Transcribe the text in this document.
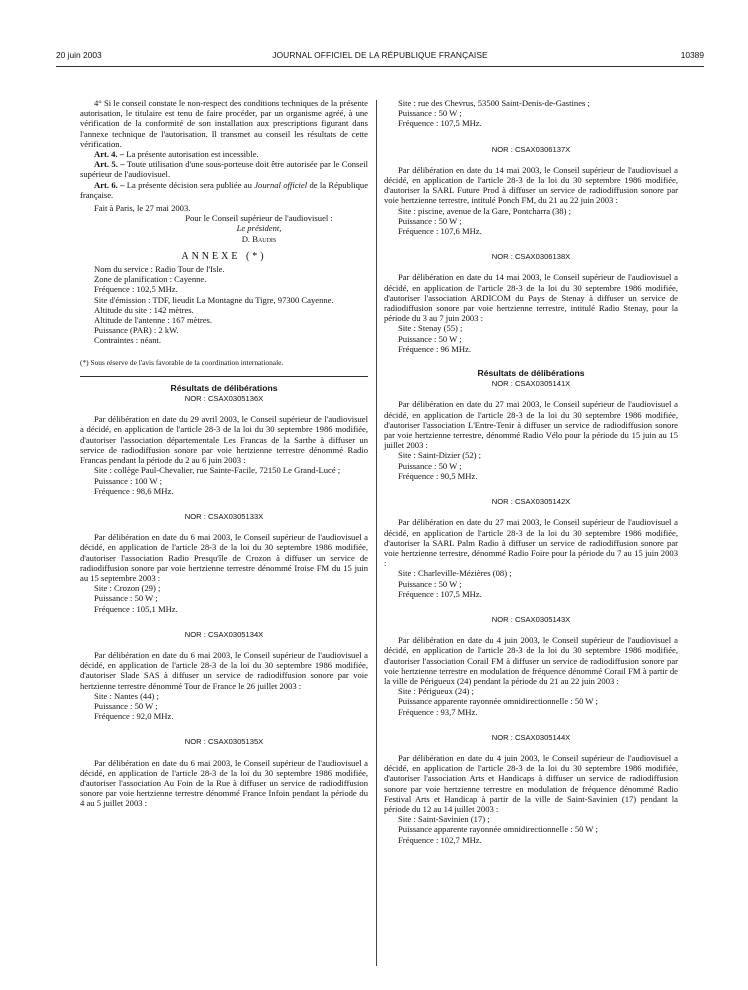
20 juin 2003	JOURNAL OFFICIEL DE LA RÉPUBLIQUE FRANÇAISE	10389

4° Si le conseil constate le non-respect des conditions techniques de la présente autorisation, le titulaire est tenu de faire procéder, par un organisme agréé, à une vérification de la conformité de son installation aux prescriptions figurant dans l'annexe technique de l'autorisation. Il transmet au conseil les résultats de cette vérification.

Art. 4. – La présente autorisation est incessible.

Art. 5. – Toute utilisation d'une sous-porteuse doit être autorisée par le Conseil supérieur de l'audiovisuel.

Art. 6. – La présente décision sera publiée au Journal officiel de la République française.

Fait à Paris, le 27 mai 2003.

Pour le Conseil supérieur de l'audiovisuel :

Le président,

D. Baudis

ANNEXE (*)

Nom du service : Radio Tour de l'Isle.

Zone de planification : Cayenne.

Fréquence : 102,5 MHz.

Site d'émission : TDF, lieudit La Montagne du Tigre, 97300 Cayenne.

Altitude du site : 142 mètres.

Altitude de l'antenne : 167 mètres.

Puissance (PAR) : 2 kW.

Contraintes : néant.

(*) Sous réserve de l'avis favorable de la coordination internationale.

Résultats de délibérations
NOR : CSAX0305136X

Par délibération en date du 29 avril 2003, le Conseil supérieur de l'audiovisuel a décidé, en application de l'article 28-3 de la loi du 30 septembre 1986 modifiée, d'autoriser l'association départementale Les Francas de la Sarthe à diffuser un service de radiodiffusion sonore par voie hertzienne terrestre dénommé Radio Francas pendant la période du 2 au 6 juin 2003 :

Site : collège Paul-Chevalier, rue Sainte-Facile, 72150 Le Grand-Lucé ;

Puissance : 100 W ;

Fréquence : 98,6 MHz.

NOR : CSAX0305133X

Par délibération en date du 6 mai 2003, le Conseil supérieur de l'audiovisuel a décidé, en application de l'article 28-3 de la loi du 30 septembre 1986 modifiée, d'autoriser l'association Radio Presqu'île de Crozon à diffuser un service de radiodiffusion sonore par voie hertzienne terrestre dénommé Iroise FM du 15 juin au 15 septembre 2003 :

Site : Crozon (29) ;

Puissance : 50 W ;

Fréquence : 105,1 MHz.

NOR : CSAX0305134X

Par délibération en date du 6 mai 2003, le Conseil supérieur de l'audiovisuel a décidé, en application de l'article 28-3 de la loi du 30 septembre 1986 modifiée, d'autoriser Slade SAS à diffuser un service de radiodiffusion sonore par voie hertzienne terrestre dénommé Tour de France le 26 juillet 2003 :

Site : Nantes (44) ;

Puissance : 50 W ;

Fréquence : 92,0 MHz.

NOR : CSAX0305135X

Par délibération en date du 6 mai 2003, le Conseil supérieur de l'audiovisuel a décidé, en application de l'article 28-3 de la loi du 30 septembre 1986 modifiée, d'autoriser l'association Au Foin de la Rue à diffuser un service de radiodiffusion sonore par voie hertzienne terrestre dénommé France Infoin pendant la période du 4 au 5 juillet 2003 :

Site : rue des Chevrus, 53500 Saint-Denis-de-Gastines ;

Puissance : 50 W ;

Fréquence : 107,5 MHz.

NOR : CSAX0306137X

Par délibération en date du 14 mai 2003, le Conseil supérieur de l'audiovisuel a décidé, en application de l'article 28-3 de la loi du 30 septembre 1986 modifiée, d'autoriser la SARL Future Prod à diffuser un service de radiodiffusion sonore par voie hertzienne terrestre, intitulé Ponch FM, du 21 au 22 juin 2003 :

Site : piscine, avenue de la Gare, Pontcharra (38) ;

Puissance : 50 W ;

Fréquence : 107,6 MHz.

NOR : CSAX0306138X

Par délibération en date du 14 mai 2003, le Conseil supérieur de l'audiovisuel a décidé, en application de l'article 28-3 de la loi du 30 septembre 1986 modifiée, d'autoriser l'association ARDICOM du Pays de Stenay à diffuser un service de radiodiffusion sonore par voie hertzienne terrestre, intitulé Radio Stenay, pour la période du 3 au 7 juin 2003 :

Site : Stenay (55) ;

Puissance : 50 W ;

Fréquence : 96 MHz.

Résultats de délibérations
NOR : CSAX0305141X

Par délibération en date du 27 mai 2003, le Conseil supérieur de l'audiovisuel a décidé, en application de l'article 28-3 de la loi du 30 septembre 1986 modifiée, d'autoriser l'association L'Entre-Tenir à diffuser un service de radiodiffusion sonore par voie hertzienne terrestre, dénommé Radio Vélo pour la période du 15 juin au 15 juillet 2003 :

Site : Saint-Dizier (52) ;

Puissance : 50 W ;

Fréquence : 90,5 MHz.

NOR : CSAX0305142X

Par délibération en date du 27 mai 2003, le Conseil supérieur de l'audiovisuel a décidé, en application de l'article 28-3 de la loi du 30 septembre 1986 modifiée, d'autoriser la SARL Palm Radio à diffuser un service de radiodiffusion sonore par voie hertzienne terrestre, dénommé Radio Foire pour la période du 7 au 15 juin 2003 :

Site : Charleville-Mézières (08) ;

Puissance : 50 W ;

Fréquence : 107,5 MHz.

NOR : CSAX0305143X

Par délibération en date du 4 juin 2003, le Conseil supérieur de l'audiovisuel a décidé, en application de l'article 28-3 de la loi du 30 septembre 1986 modifiée, d'autoriser l'association Corail FM à diffuser un service de radiodiffusion sonore par voie hertzienne terrestre en modulation de fréquence dénommé Corail FM à partir de la ville de Périgueux (24) pendant la période du 21 au 22 juin 2003 :

Site : Périgueux (24) ;

Puissance apparente rayonnée omnidirectionnelle : 50 W ;

Fréquence : 93,7 MHz.

NOR : CSAX0305144X

Par délibération en date du 4 juin 2003, le Conseil supérieur de l'audiovisuel a décidé, en application de l'article 28-3 de la loi du 30 septembre 1986 modifiée, d'autoriser l'association Arts et Handicaps à diffuser un service de radiodiffusion sonore par voie hertzienne terrestre en modulation de fréquence dénommé Radio Festival Arts et Handicap à partir de la ville de Saint-Savinien (17) pendant la période du 12 au 14 juillet 2003 :

Site : Saint-Savinien (17) ;

Puissance apparente rayonnée omnidirectionnelle : 50 W ;

Fréquence : 102,7 MHz.
